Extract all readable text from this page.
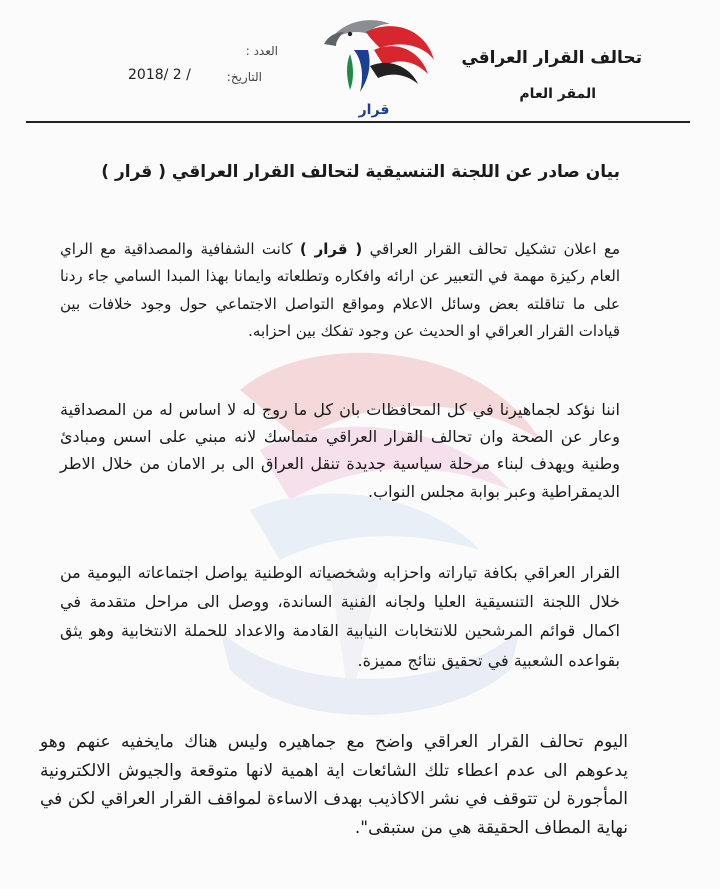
تحالف القرار العراقي
المقر العام
قرار
العدد :
التاريخ:
2018/ 2 /
بيان صادر عن اللجنة التنسيقية لتحالف القرار العراقي ( قرار )

مع اعلان تشكيل تحالف القرار العراقي ( قرار ) كانت الشفافية والمصداقية مع الراي العام ركيزة مهمة في التعبير عن ارائه وافكاره وتطلعاته وايمانا بهذا المبدا السامي جاء ردنا على ما تناقلته بعض وسائل الاعلام ومواقع التواصل الاجتماعي حول وجود خلافات بين قيادات القرار العراقي او الحديث عن وجود تفكك بين احزابه.

اننا نؤكد لجماهيرنا في كل المحافظات بان كل ما روج له لا اساس له من المصداقية وعار عن الصحة وان تحالف القرار العراقي متماسك لانه مبني على اسس ومبادئ وطنية ويهدف لبناء مرحلة سياسية جديدة تنقل العراق الى بر الامان من خلال الاطر الديمقراطية وعبر بوابة مجلس النواب.

القرار العراقي بكافة تياراته واحزابه وشخصياته الوطنية يواصل اجتماعاته اليومية من خلال اللجنة التنسيقية العليا ولجانه الفنية الساندة، ووصل الى مراحل متقدمة في اكمال قوائم المرشحين للانتخابات النيابية القادمة والاعداد للحملة الانتخابية وهو يثق بقواعده الشعبية في تحقيق نتائج مميزة.

اليوم تحالف القرار العراقي واضح مع جماهيره وليس هناك مايخفيه عنهم وهو يدعوهم الى عدم اعطاء تلك الشائعات اية اهمية لانها متوقعة والجيوش الالكترونية المأجورة لن تتوقف في نشر الاكاذيب بهدف الاساءة لمواقف القرار العراقي لكن في نهاية المطاف الحقيقة هي من ستبقى".
